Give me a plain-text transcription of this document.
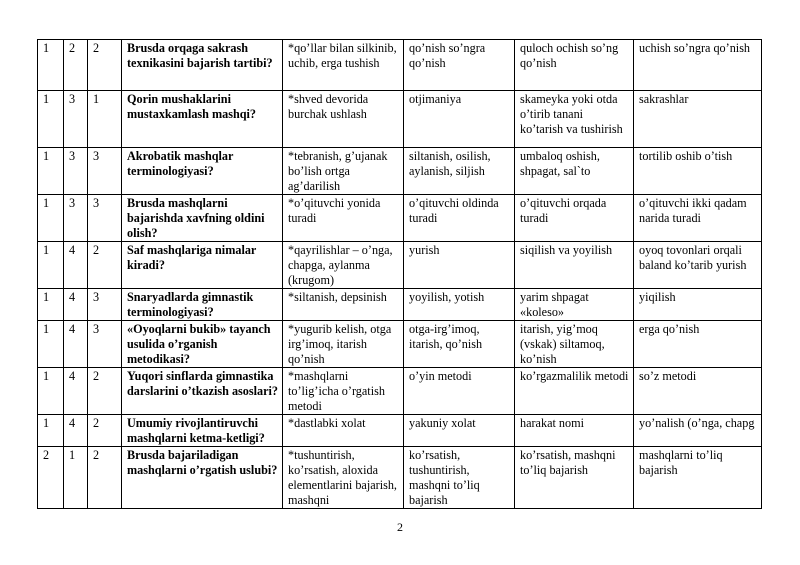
1	2	2	Brusda orqaga sakrash texnikasini bajarish tartibi?	*qo’llar bilan silkinib, uchib, erga tushish	qo’nish so’ngra qo’nish	quloch ochish so’ng qo’nish	uchish so’ngra qo’nish
1	3	1	Qorin mushaklarini mustaxkamlash mashqi?	*shved devorida burchak ushlash	otjimaniya	skameyka yoki otda o’tirib tanani ko’tarish va tushirish	sakrashlar
1	3	3	Akrobatik mashqlar terminologiyasi?	*tebranish, g’ujanak bo’lish ortga ag’darilish	siltanish, osilish, aylanish, siljish	umbaloq oshish, shpagat, sal`to	tortilib oshib o’tish
1	3	3	Brusda mashqlarni bajarishda xavfning oldini olish?	*o’qituvchi yonida turadi	o’qituvchi oldinda turadi	o’qituvchi orqada turadi	o’qituvchi ikki qadam narida turadi
1	4	2	Saf mashqlariga nimalar kiradi?	*qayrilishlar – o’nga, chapga, aylanma (krugom)	yurish	siqilish va yoyilish	oyoq tovonlari orqali baland ko’tarib yurish
1	4	3	Snaryadlarda gimnastik terminologiyasi?	*siltanish, depsinish	yoyilish, yotish	yarim shpagat «koleso»	yiqilish
1	4	3	«Oyoqlarni bukib» tayanch usulida o’rganish metodikasi?	*yugurib kelish, otga irg’imoq, itarish qo’nish	otga-irg’imoq, itarish, qo’nish	itarish, yig’moq (vskak) siltamoq, ko’nish	erga qo’nish
1	4	2	Yuqori sinflarda gimnastika darslarini o’tkazish asoslari?	*mashqlarni to’lig’icha o’rgatish metodi	o’yin metodi	ko’rgazmalilik metodi	so’z metodi
1	4	2	Umumiy rivojlantiruvchi mashqlarni ketma-ketligi?	*dastlabki xolat	yakuniy xolat	harakat nomi	yo’nalish (o’nga, chapg
2	1	2	Brusda bajariladigan mashqlarni o’rgatish uslubi?	*tushuntirish, ko’rsatish, aloxida elementlarini bajarish, mashqni	ko’rsatish, tushuntirish, mashqni to’liq bajarish	ko’rsatish, mashqni to’liq bajarish	mashqlarni to’liq bajarish
2
